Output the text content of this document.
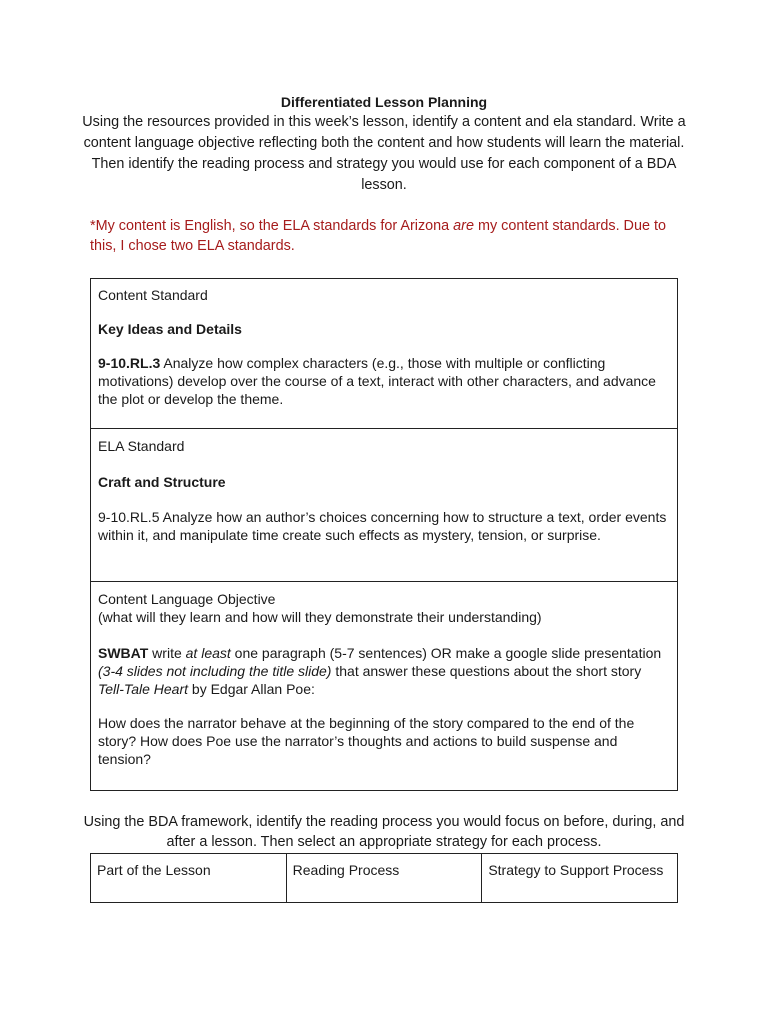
Differentiated Lesson Planning
Using the resources provided in this week’s lesson, identify a content and ela standard. Write a content language objective reflecting both the content and how students will learn the material. Then identify the reading process and strategy you would use for each component of a BDA lesson.
*My content is English, so the ELA standards for Arizona are my content standards. Due to this, I chose two ELA standards.

Content Standard

Key Ideas and Details

9-10.RL.3 Analyze how complex characters (e.g., those with multiple or conflicting motivations) develop over the course of a text, interact with other characters, and advance the plot or develop the theme.

ELA Standard

Craft and Structure

9-10.RL.5 Analyze how an author’s choices concerning how to structure a text, order events within it, and manipulate time create such effects as mystery, tension, or surprise.

Content Language Objective

(what will they learn and how will they demonstrate their understanding)

SWBAT write at least one paragraph (5-7 sentences) OR make a google slide presentation (3-4 slides not including the title slide) that answer these questions about the short story Tell-Tale Heart by Edgar Allan Poe:

How does the narrator behave at the beginning of the story compared to the end of the story? How does Poe use the narrator’s thoughts and actions to build suspense and tension?

Using the BDA framework, identify the reading process you would focus on before, during, and after a lesson. Then select an appropriate strategy for each process.
Part of the Lesson	Reading Process	Strategy to Support Process
